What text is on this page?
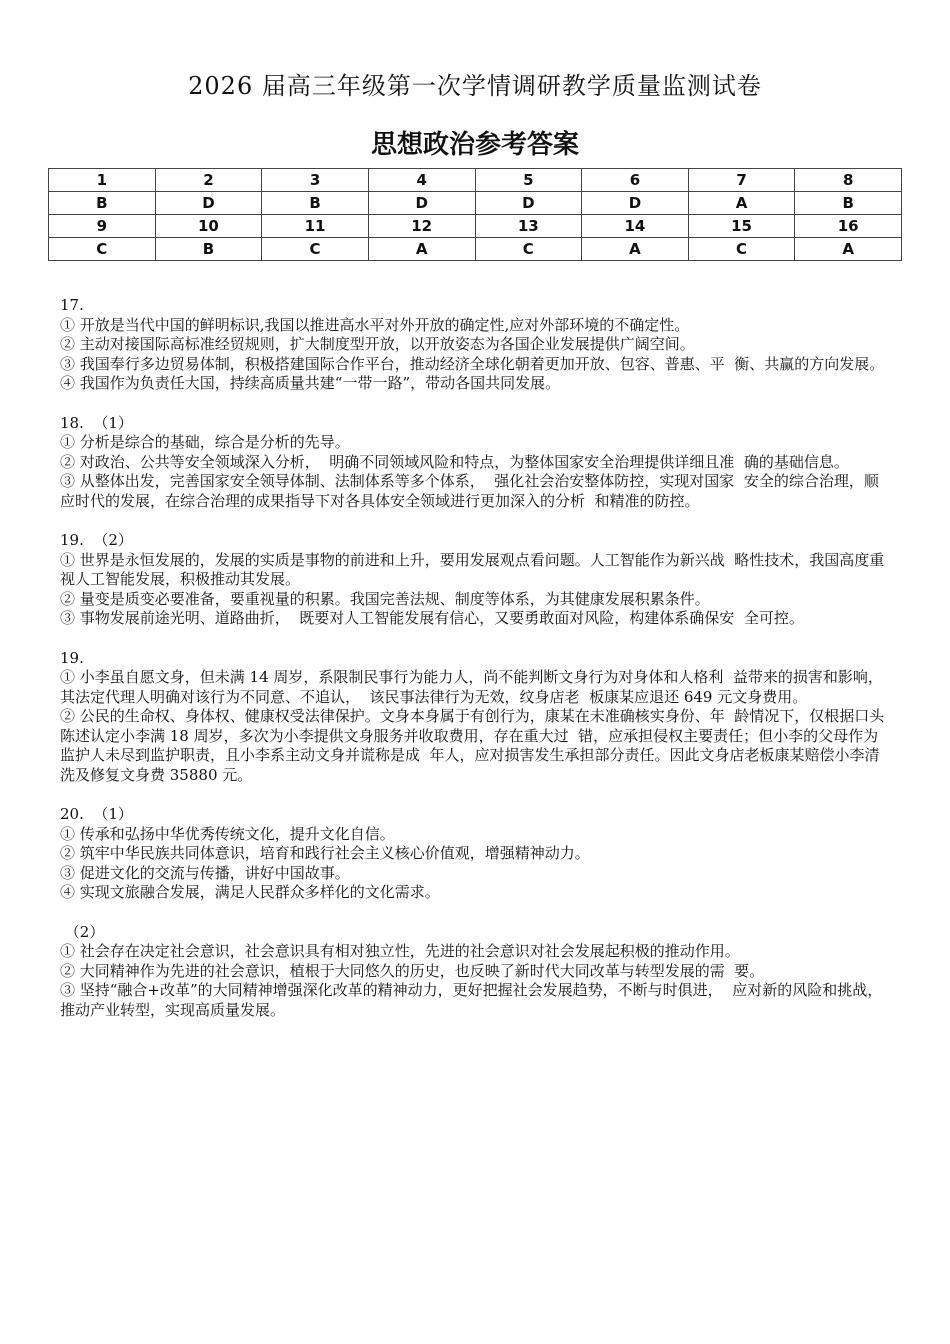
2026 届高三年级第一次学情调研教学质量监测试卷
思想政治参考答案
1	2	3	4	5	6	7	8
B	D	B	D	D	D	A	B
9	10	11	12	13	14	15	16
C	B	C	A	C	A	C	A
17.
① 开放是当代中国的鲜明标识,我国以推进高水平对外开放的确定性,应对外部环境的不确定性。
② 主动对接国际高标准经贸规则，扩大制度型开放，以开放姿态为各国企业发展提供广阔空间。
③ 我国奉行多边贸易体制，积极搭建国际合作平台，推动经济全球化朝着更加开放、包容、普惠、平  衡、共赢的方向发展。
④ 我国作为负责任大国，持续高质量共建“一带一路”，带动各国共同发展。
18.  （1）
① 分析是综合的基础，综合是分析的先导。
② 对政治、公共等安全领域深入分析，  明确不同领域风险和特点，为整体国家安全治理提供详细且准  确的基础信息。
③ 从整体出发，完善国家安全领导体制、法制体系等多个体系，  强化社会治安整体防控，实现对国家  安全的综合治理，顺应时代的发展，在综合治理的成果指导下对各具体安全领域进行更加深入的分析  和精准的防控。
19.  （2）
① 世界是永恒发展的，发展的实质是事物的前进和上升，要用发展观点看问题。人工智能作为新兴战  略性技术，我国高度重视人工智能发展，积极推动其发展。
② 量变是质变必要准备，要重视量的积累。我国完善法规、制度等体系，为其健康发展积累条件。
③ 事物发展前途光明、道路曲折，  既要对人工智能发展有信心，又要勇敢面对风险，构建体系确保安  全可控。
19.
① 小李虽自愿文身，但未满 14 周岁，系限制民事行为能力人，尚不能判断文身行为对身体和人格利  益带来的损害和影响，其法定代理人明确对该行为不同意、不追认，  该民事法律行为无效，纹身店老  板康某应退还 649 元文身费用。
② 公民的生命权、身体权、健康权受法律保护。文身本身属于有创行为，康某在未准确核实身份、年  龄情况下，仅根据口头陈述认定小李满 18 周岁，多次为小李提供文身服务并收取费用，存在重大过  错，应承担侵权主要责任；但小李的父母作为监护人未尽到监护职责，且小李系主动文身并谎称是成  年人，应对损害发生承担部分责任。因此文身店老板康某赔偿小李清洗及修复文身费 35880 元。
20.  （1）
① 传承和弘扬中华优秀传统文化，提升文化自信。
② 筑牢中华民族共同体意识，培育和践行社会主义核心价值观，增强精神动力。
③ 促进文化的交流与传播，讲好中国故事。
④ 实现文旅融合发展，满足人民群众多样化的文化需求。
（2）
① 社会存在决定社会意识，社会意识具有相对独立性，先进的社会意识对社会发展起积极的推动作用。
② 大同精神作为先进的社会意识，植根于大同悠久的历史，也反映了新时代大同改革与转型发展的需  要。
③ 坚持“融合+改革”的大同精神增强深化改革的精神动力，更好把握社会发展趋势，不断与时俱进，  应对新的风险和挑战，推动产业转型，实现高质量发展。
